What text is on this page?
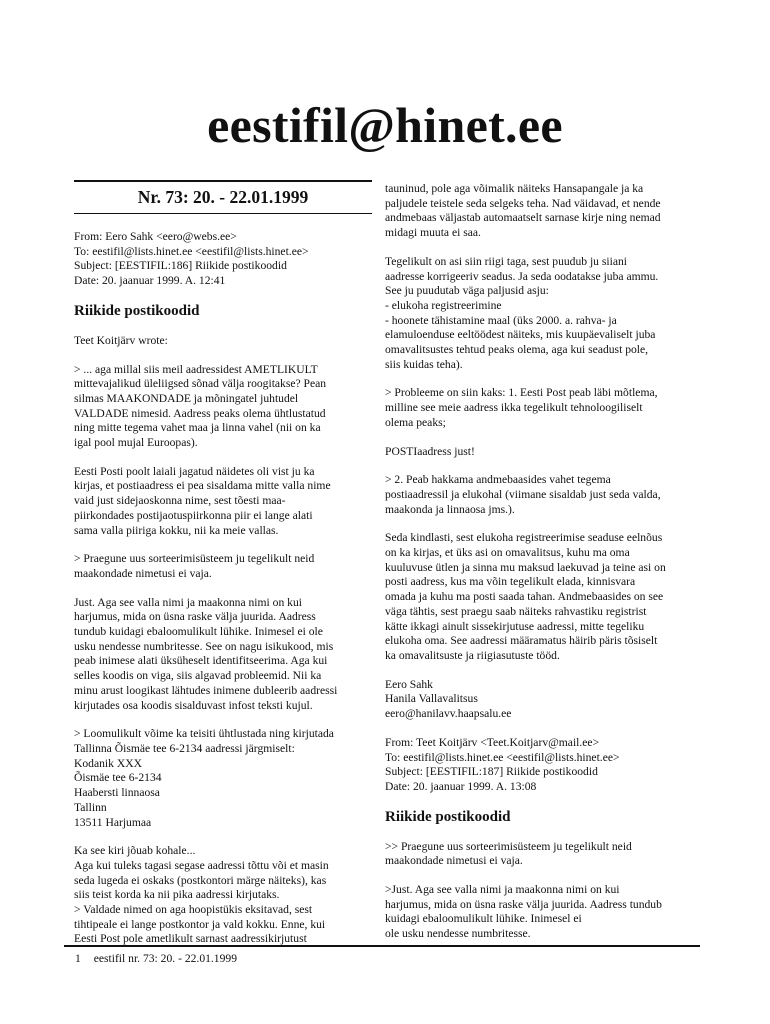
eestifil@hinet.ee
Nr. 73: 20. - 22.01.1999
From: Eero Sahk <eero@webs.ee>
To: eestifil@lists.hinet.ee <eestifil@lists.hinet.ee>
Subject: [EESTIFIL:186] Riikide postikoodid
Date: 20. jaanuar 1999. A. 12:41
Riikide postikoodid
Teet Koitjärv wrote:
> ... aga millal siis meil aadressidest AMETLIKULT
mittevajalikud üleliigsed sõnad välja roogitakse? Pean
silmas MAAKONDADE ja mõningatel juhtudel
VALDADE nimesid. Aadress peaks olema ühtlustatud
ning mitte tegema vahet maa ja linna vahel (nii on ka
igal pool mujal Euroopas).
Eesti Posti poolt laiali jagatud näidetes oli vist ju ka
kirjas, et postiaadress ei pea sisaldama mitte valla nime
vaid just sidejaoskonna nime, sest tõesti maa-
piirkondades postijaotuspiirkonna piir ei lange alati
sama valla piiriga kokku, nii ka meie vallas.
> Praegune uus sorteerimisüsteem ju tegelikult neid
maakondade nimetusi ei vaja.
Just. Aga see valla nimi ja maakonna nimi on kui
harjumus, mida on üsna raske välja juurida. Aadress
tundub kuidagi ebaloomulikult lühike. Inimesel ei ole
usku nendesse numbritesse. See on nagu isikukood, mis
peab inimese alati üksüheselt identifitseerima. Aga kui
selles koodis on viga, siis algavad probleemid. Nii ka
minu arust loogikast lähtudes inimene dubleerib aadressi
kirjutades osa koodis sisalduvast infost teksti kujul.
> Loomulikult võime ka teisiti ühtlustada ning kirjutada
Tallinna Õismäe tee 6-2134 aadressi järgmiselt:
Kodanik XXX
Õismäe tee 6-2134
Haabersti linnaosa
Tallinn
13511 Harjumaa
Ka see kiri jõuab kohale...
Aga kui tuleks tagasi segase aadressi tõttu või et masin
seda lugeda ei oskaks (postkontori märge näiteks), kas
siis teist korda ka nii pika aadressi kirjutaks.
> Valdade nimed on aga hoopistükis eksitavad, sest
tihtipeale ei lange postkontor ja vald kokku. Enne, kui
Eesti Post pole ametlikult sarnast aadressikirjutust
tauninud, pole aga võimalik näiteks Hansapangale ja ka
paljudele teistele seda selgeks teha. Nad väidavad, et nende
andmebaas väljastab automaatselt sarnase kirje ning nemad
midagi muuta ei saa.
Tegelikult on asi siin riigi taga, sest puudub ju siiani
aadresse korrigeeriv seadus. Ja seda oodatakse juba ammu.
See ju puudutab väga paljusid asju:
- elukoha registreerimine
- hoonete tähistamine maal (üks 2000. a. rahva- ja
elamuloenduse eeltöödest näiteks, mis kuupäevaliselt juba
omavalitsustes tehtud peaks olema, aga kui seadust pole,
siis kuidas teha).
> Probleeme on siin kaks: 1. Eesti Post peab läbi mõtlema,
milline see meie aadress ikka tegelikult tehnoloogiliselt
olema peaks;
POSTIaadress just!
> 2. Peab hakkama andmebaasides vahet tegema
postiaadressil ja elukohal (viimane sisaldab just seda valda,
maakonda ja linnaosa jms.).
Seda kindlasti, sest elukoha registreerimise seaduse eelnõus
on ka kirjas, et üks asi on omavalitsus, kuhu ma oma
kuuluvuse ütlen ja sinna mu maksud laekuvad ja teine asi on
posti aadress, kus ma võin tegelikult elada, kinnisvara
omada ja kuhu ma posti saada tahan. Andmebaasides on see
väga tähtis, sest praegu saab näiteks rahvastiku registrist
kätte ikkagi ainult sissekirjutuse aadressi, mitte tegeliku
elukoha oma. See aadressi määramatus häirib päris tõsiselt
ka omavalitsuste ja riigiasutuste tööd.
Eero Sahk
Hanila Vallavalitsus
eero@hanilavv.haapsalu.ee
From: Teet Koitjärv <Teet.Koitjarv@mail.ee>
To: eestifil@lists.hinet.ee <eestifil@lists.hinet.ee>
Subject: [EESTIFIL:187] Riikide postikoodid
Date: 20. jaanuar 1999. A. 13:08
Riikide postikoodid
>> Praegune uus sorteerimisüsteem ju tegelikult neid
maakondade nimetusi ei vaja.
>Just. Aga see valla nimi ja maakonna nimi on kui
harjumus, mida on üsna raske välja juurida. Aadress tundub
kuidagi ebaloomulikult lühike. Inimesel ei
ole usku nendesse numbritesse.
1 eestifil nr. 73: 20. - 22.01.1999
